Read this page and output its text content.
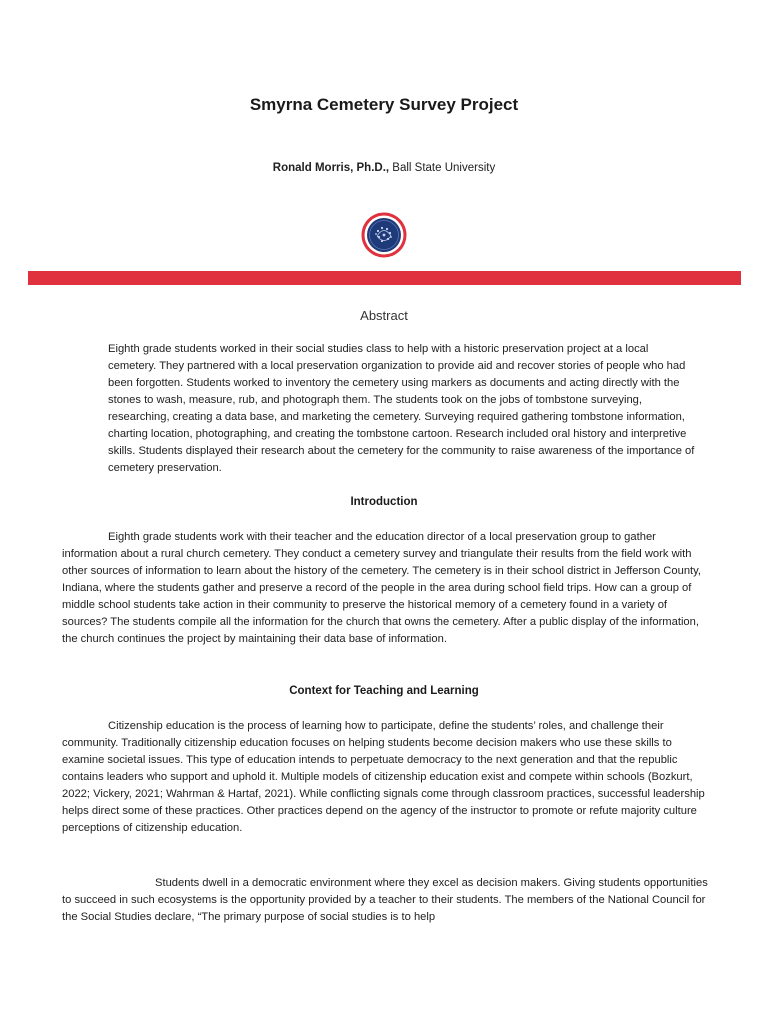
Smyrna Cemetery Survey Project
Ronald Morris, Ph.D., Ball State University
Abstract
Eighth grade students worked in their social studies class to help with a historic preservation project at a local cemetery. They partnered with a local preservation organization to provide aid and recover stories of people who had been forgotten. Students worked to inventory the cemetery using markers as documents and acting directly with the stones to wash, measure, rub, and photograph them. The students took on the jobs of tombstone surveying, researching, creating a data base, and marketing the cemetery. Surveying required gathering tombstone information, charting location, photographing, and creating the tombstone cartoon. Research included oral history and interpretive skills. Students displayed their research about the cemetery for the community to raise awareness of the importance of cemetery preservation.
Introduction
Eighth grade students work with their teacher and the education director of a local preservation group to gather information about a rural church cemetery. They conduct a cemetery survey and triangulate their results from the field work with other sources of information to learn about the history of the cemetery. The cemetery is in their school district in Jefferson County, Indiana, where the students gather and preserve a record of the people in the area during school field trips. How can a group of middle school students take action in their community to preserve the historical memory of a cemetery found in a variety of sources? The students compile all the information for the church that owns the cemetery. After a public display of the information, the church continues the project by maintaining their data base of information.
Context for Teaching and Learning
Citizenship education is the process of learning how to participate, define the students’ roles, and challenge their community. Traditionally citizenship education focuses on helping students become decision makers who use these skills to examine societal issues. This type of education intends to perpetuate democracy to the next generation and that the republic contains leaders who support and uphold it. Multiple models of citizenship education exist and compete within schools (Bozkurt, 2022; Vickery, 2021; Wahrman & Hartaf, 2021). While conflicting signals come through classroom practices, successful leadership helps direct some of these practices. Other practices depend on the agency of the instructor to promote or refute majority culture perceptions of citizenship education.
Students dwell in a democratic environment where they excel as decision makers. Giving students opportunities to succeed in such ecosystems is the opportunity provided by a teacher to their students. The members of the National Council for the Social Studies declare, “The primary purpose of social studies is to help
